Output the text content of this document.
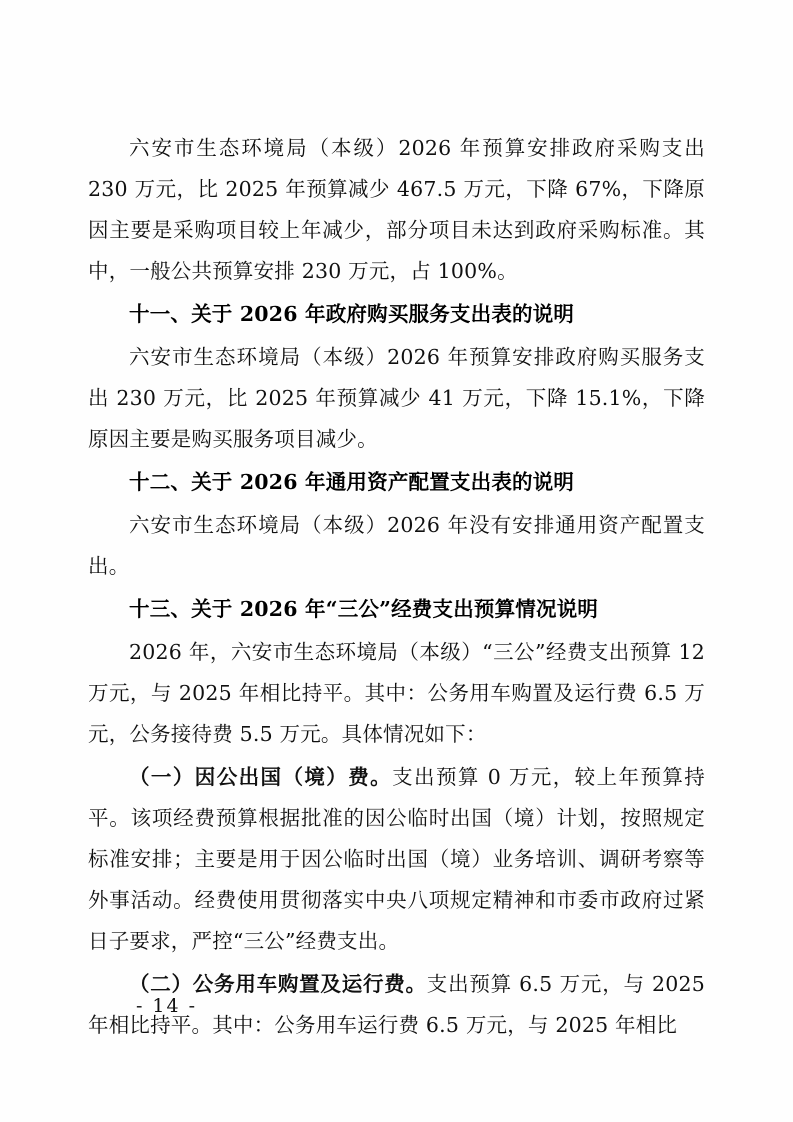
六安市生态环境局（本级）2026 年预算安排政府采购支出 230 万元，比 2025 年预算减少 467.5 万元，下降 67%，下降原因主要是采购项目较上年减少，部分项目未达到政府采购标准。其中，一般公共预算安排 230 万元，占 100%。

十一、关于 2026 年政府购买服务支出表的说明

六安市生态环境局（本级）2026 年预算安排政府购买服务支出 230 万元，比 2025 年预算减少 41 万元，下降 15.1%，下降原因主要是购买服务项目减少。

十二、关于 2026 年通用资产配置支出表的说明

六安市生态环境局（本级）2026 年没有安排通用资产配置支出。

十三、关于 2026 年“三公”经费支出预算情况说明

2026 年，六安市生态环境局（本级）“三公”经费支出预算 12 万元，与 2025 年相比持平。其中：公务用车购置及运行费 6.5 万元，公务接待费 5.5 万元。具体情况如下：

（一）因公出国（境）费。支出预算 0 万元，较上年预算持平。该项经费预算根据批准的因公临时出国（境）计划，按照规定标准安排；主要是用于因公临时出国（境）业务培训、调研考察等外事活动。经费使用贯彻落实中央八项规定精神和市委市政府过紧日子要求，严控“三公”经费支出。

（二）公务用车购置及运行费。支出预算 6.5 万元，与 2025 年相比持平。其中：公务用车运行费 6.5 万元，与 2025 年相比

- 14 -
